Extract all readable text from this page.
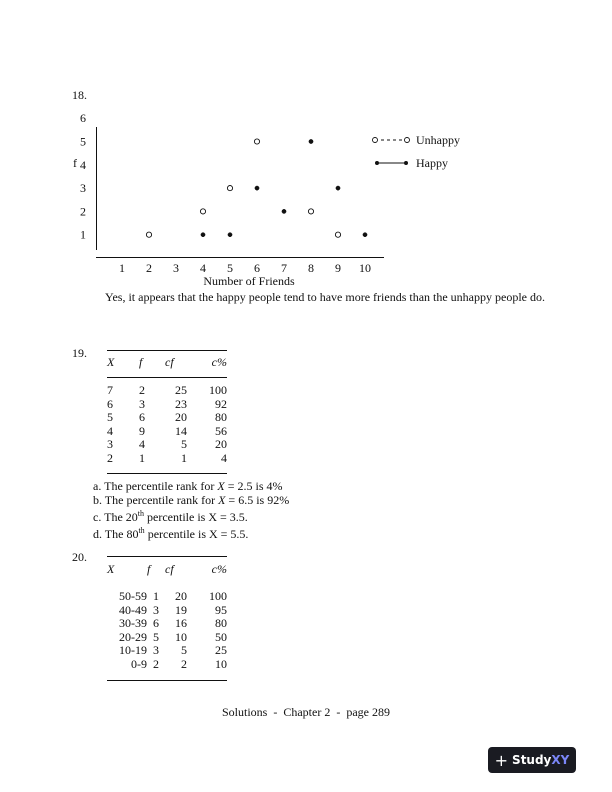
18.
1
2
3
4
5
6
f
1 2 3 4 5 6 7 8 9 10
Number of Friends
Unhappy
Happy
Yes, it appears that the happy people tend to have more friends than the unhappy people do.
19.
X	f	cf	c%
7	2	25	100
6	3	23	92
5	6	20	80
4	9	14	56
3	4	5	20
2	1	1	4
a. The percentile rank for X = 2.5 is 4%
b. The percentile rank for X = 6.5 is 92%
c. The 20th percentile is X = 3.5.
d. The 80th percentile is X = 5.5.
20.
X	f	cf	c%
50-59	1	20	100
40-49	3	19	95
30-39	6	16	80
20-29	5	10	50
10-19	3	5	25
0-9	2	2	10
Solutions  -  Chapter 2  -  page 289
+ StudyXY
